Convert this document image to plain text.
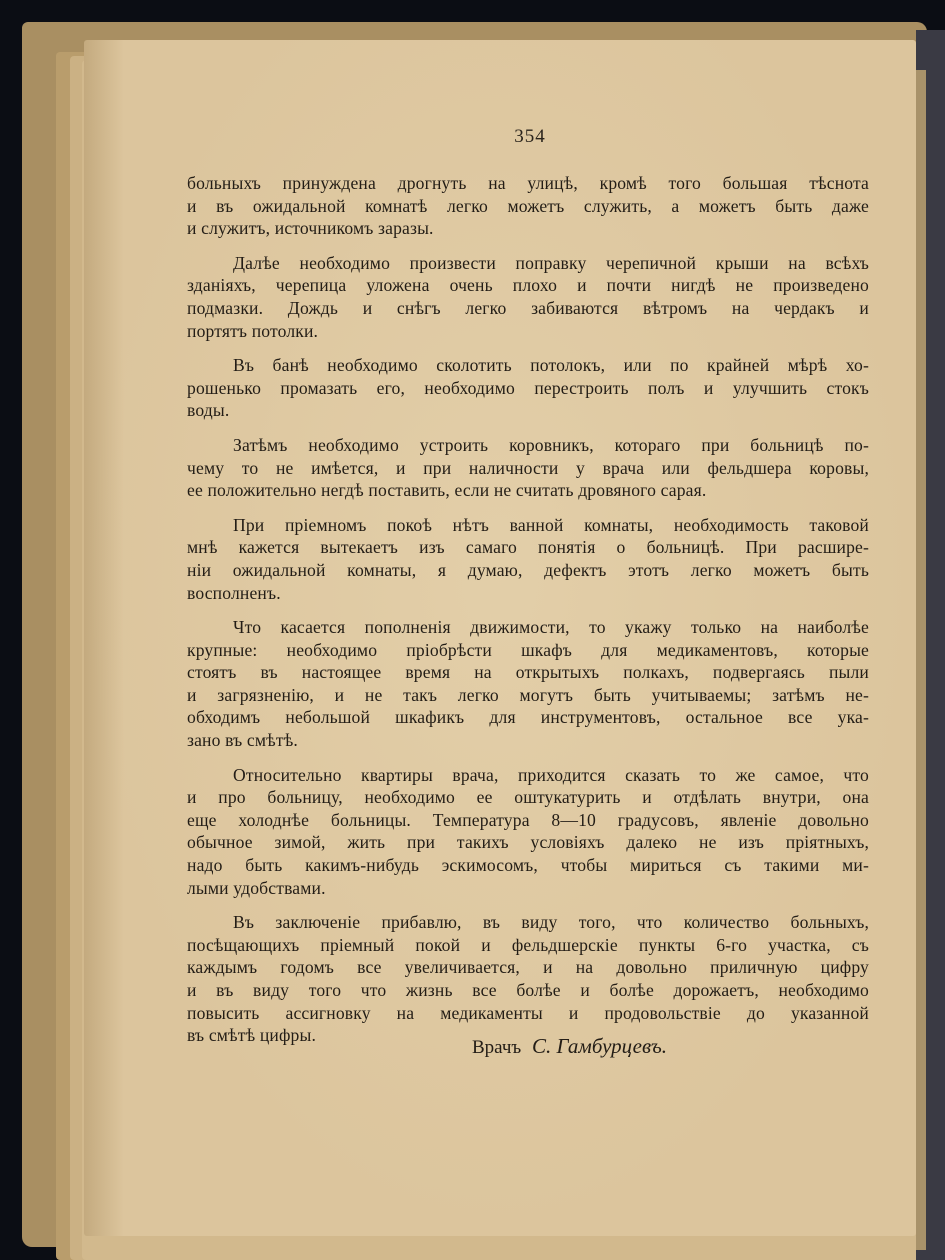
354

больныхъ принуждена дрогнуть на улицѣ, кромѣ того большая тѣснота
и въ ожидальной комнатѣ легко можетъ служить, а можетъ быть даже
и служитъ, источникомъ заразы.

Далѣе необходимо произвести поправку черепичной крыши на всѣхъ
зданіяхъ, черепица уложена очень плохо и почти нигдѣ не произведено
подмазки. Дождь и снѣгъ легко забиваются вѣтромъ на чердакъ и
портятъ потолки.

Въ банѣ необходимо сколотить потолокъ, или по крайней мѣрѣ хо-
рошенько промазать его, необходимо перестроить полъ и улучшить стокъ
воды.

Затѣмъ необходимо устроить коровникъ, котораго при больницѣ по-
чему то не имѣется, и при наличности у врача или фельдшера коровы,
ее положительно негдѣ поставить, если не считать дровяного сарая.

При пріемномъ покоѣ нѣтъ ванной комнаты, необходимость таковой
мнѣ кажется вытекаетъ изъ самаго понятія о больницѣ. При расшире-
ніи ожидальной комнаты, я думаю, дефектъ этотъ легко можетъ быть
восполненъ.

Что касается пополненія движимости, то укажу только на наиболѣе
крупные: необходимо пріобрѣсти шкафъ для медикаментовъ, которые
стоятъ въ настоящее время на открытыхъ полкахъ, подвергаясь пыли
и загрязненію, и не такъ легко могутъ быть учитываемы; затѣмъ не-
обходимъ небольшой шкафикъ для инструментовъ, остальное все ука-
зано въ смѣтѣ.

Относительно квартиры врача, приходится сказать то же самое, что
и про больницу, необходимо ее оштукатурить и отдѣлать внутри, она
еще холоднѣе больницы. Температура 8—10 градусовъ, явленіе довольно
обычное зимой, жить при такихъ условіяхъ далеко не изъ пріятныхъ,
надо быть какимъ-нибудь эскимосомъ, чтобы мириться съ такими ми-
лыми удобствами.

Въ заключеніе прибавлю, въ виду того, что количество больныхъ,
посѣщающихъ пріемный покой и фельдшерскіе пункты 6-го участка, съ
каждымъ годомъ все увеличивается, и на довольно приличную цифру
и въ виду того что жизнь все болѣе и болѣе дорожаетъ, необходимо
повысить ассигновку на медикаменты и продовольствіе до указанной
въ смѣтѣ цифры.

Врачъ С. Гамбурцевъ.
